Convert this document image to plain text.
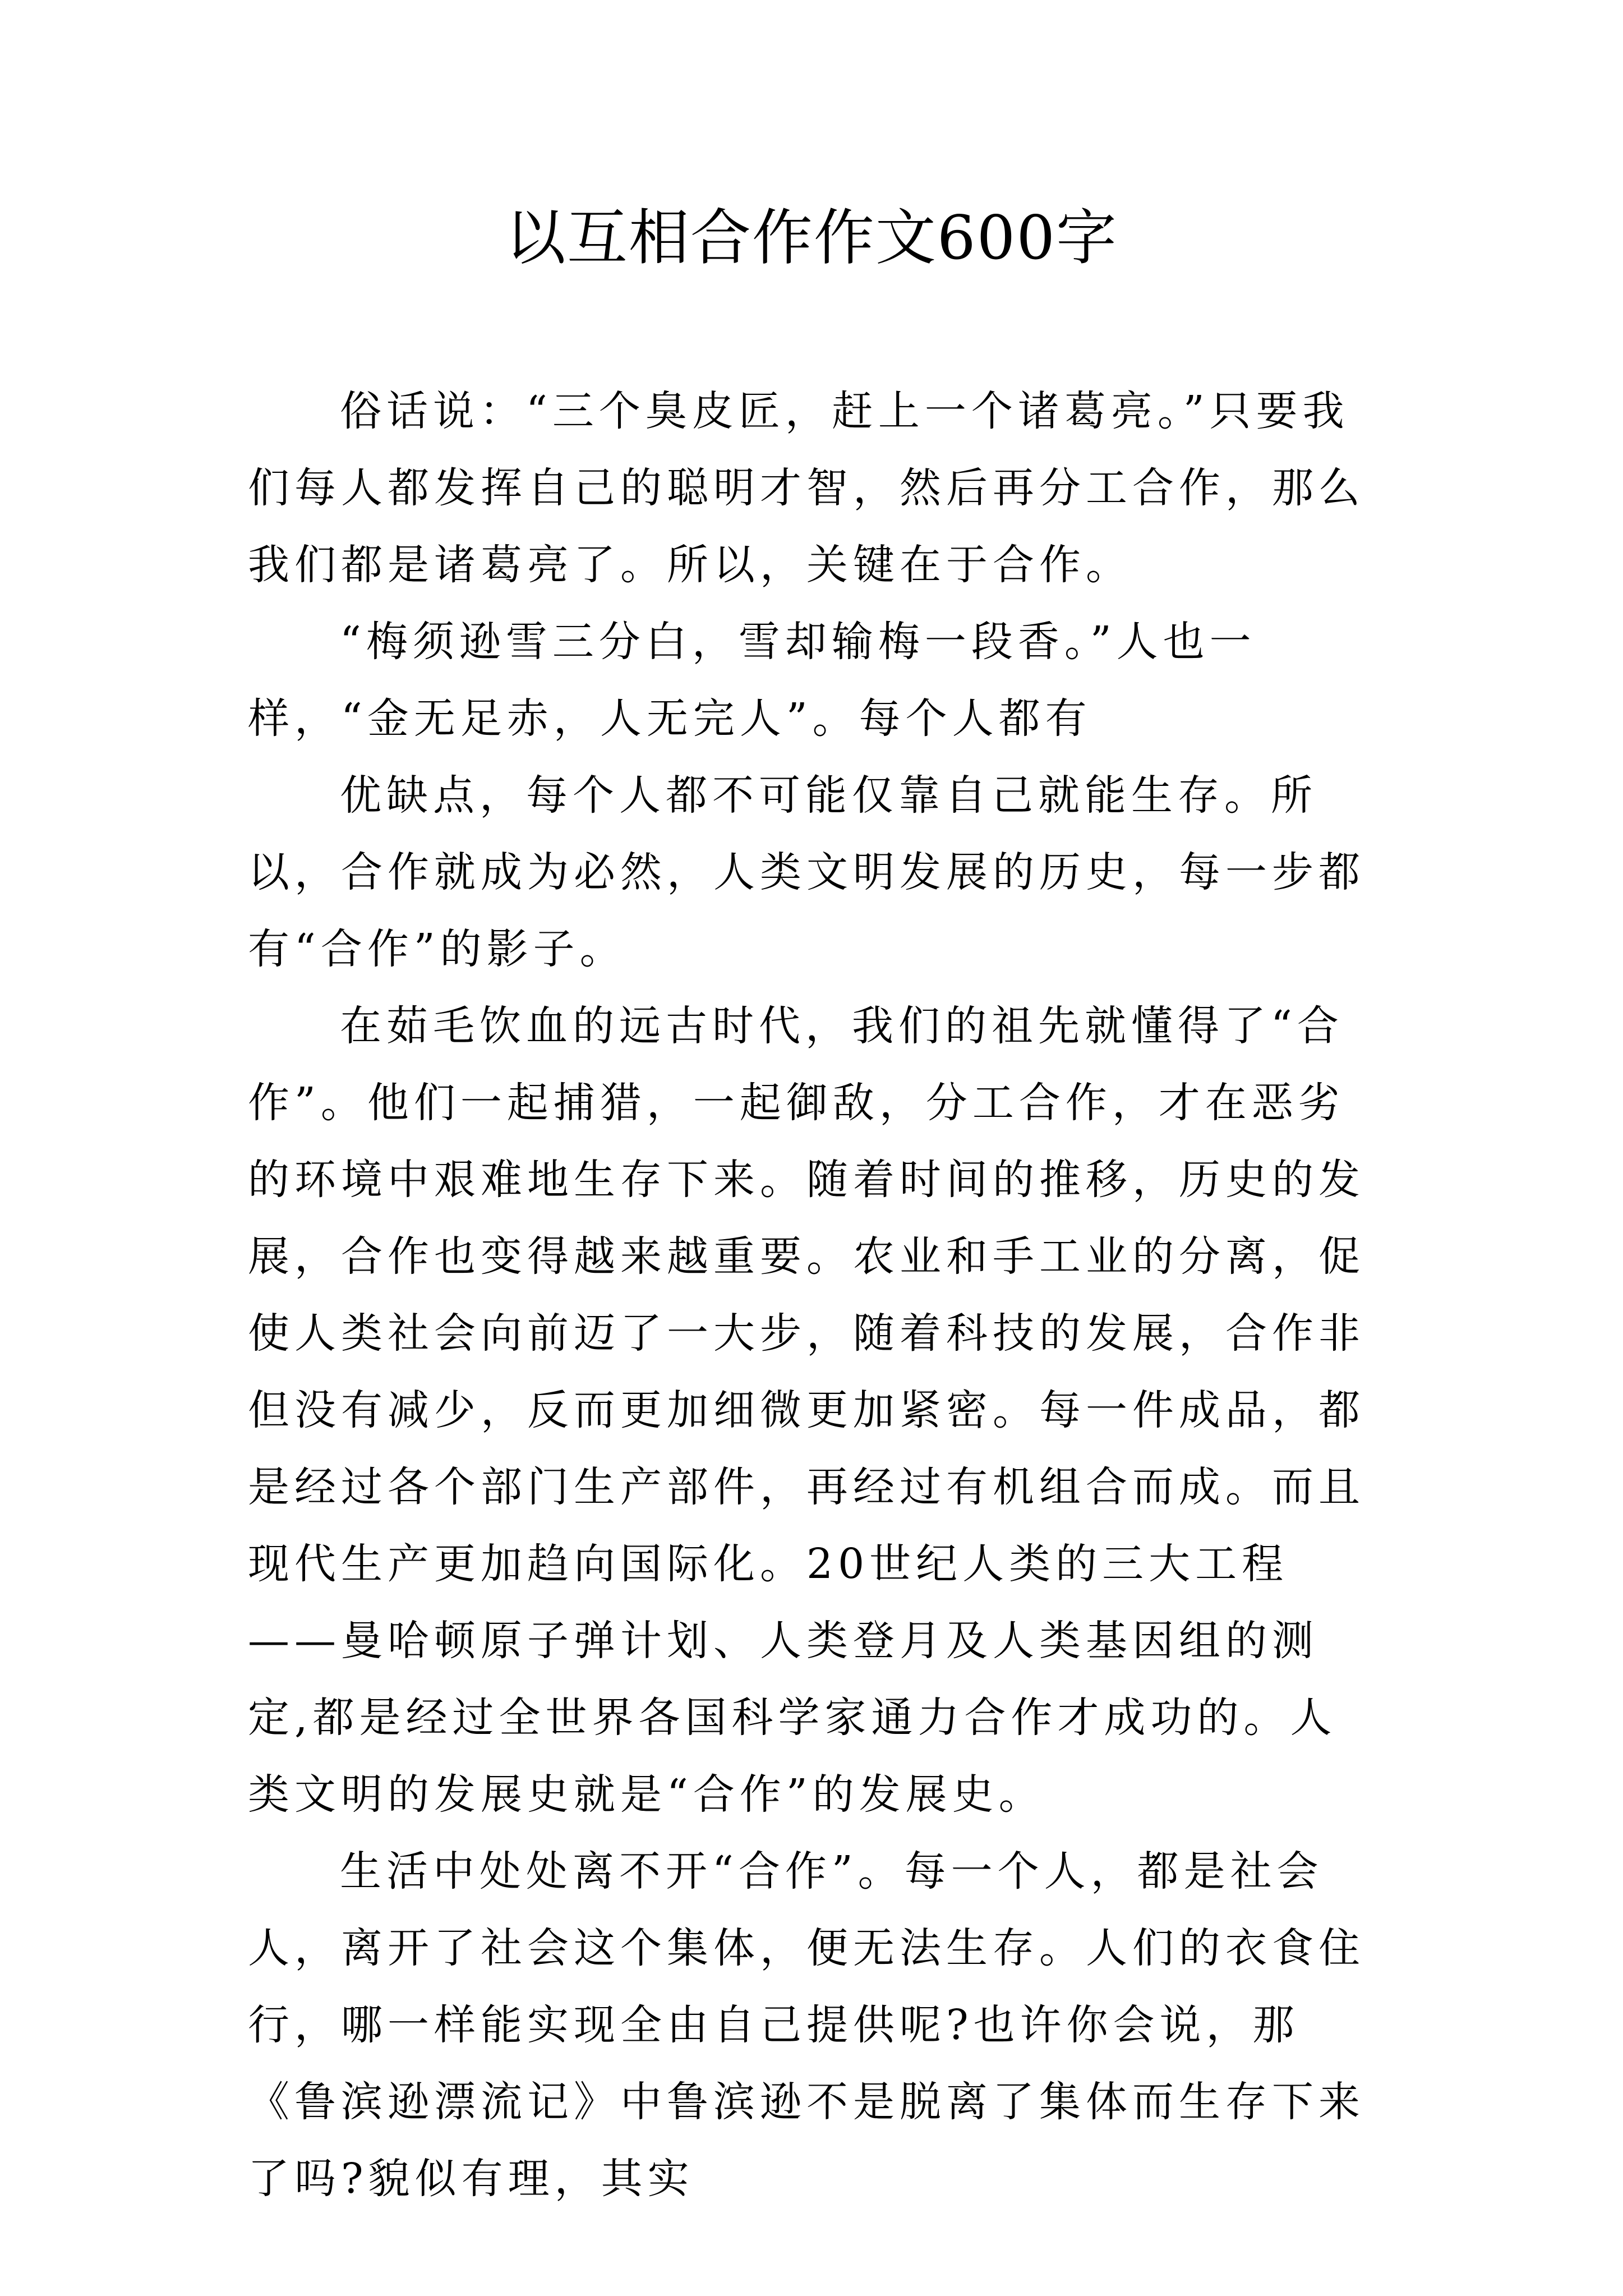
以互相合作作文600字

俗话说：“三个臭皮匠，赶上一个诸葛亮。”只要我们每人都发挥自己的聪明才智，然后再分工合作，那么我们都是诸葛亮了。所以，关键在于合作。

“梅须逊雪三分白，雪却输梅一段香。”人也一样，“金无足赤，人无完人”。每个人都有

优缺点，每个人都不可能仅靠自己就能生存。所以，合作就成为必然，人类文明发展的历史，每一步都有“合作”的影子。

在茹毛饮血的远古时代，我们的祖先就懂得了“合作”。他们一起捕猎，一起御敌，分工合作，才在恶劣的环境中艰难地生存下来。随着时间的推移，历史的发展，合作也变得越来越重要。农业和手工业的分离，促使人类社会向前迈了一大步，随着科技的发展，合作非但没有减少，反而更加细微更加紧密。每一件成品，都是经过各个部门生产部件，再经过有机组合而成。而且现代生产更加趋向国际化。20世纪人类的三大工程——曼哈顿原子弹计划、人类登月及人类基因组的测定,都是经过全世界各国科学家通力合作才成功的。人类文明的发展史就是“合作”的发展史。

生活中处处离不开“合作”。每一个人，都是社会人，离开了社会这个集体，便无法生存。人们的衣食住行，哪一样能实现全由自己提供呢?也许你会说，那《鲁滨逊漂流记》中鲁滨逊不是脱离了集体而生存下来了吗?貌似有理，其实
